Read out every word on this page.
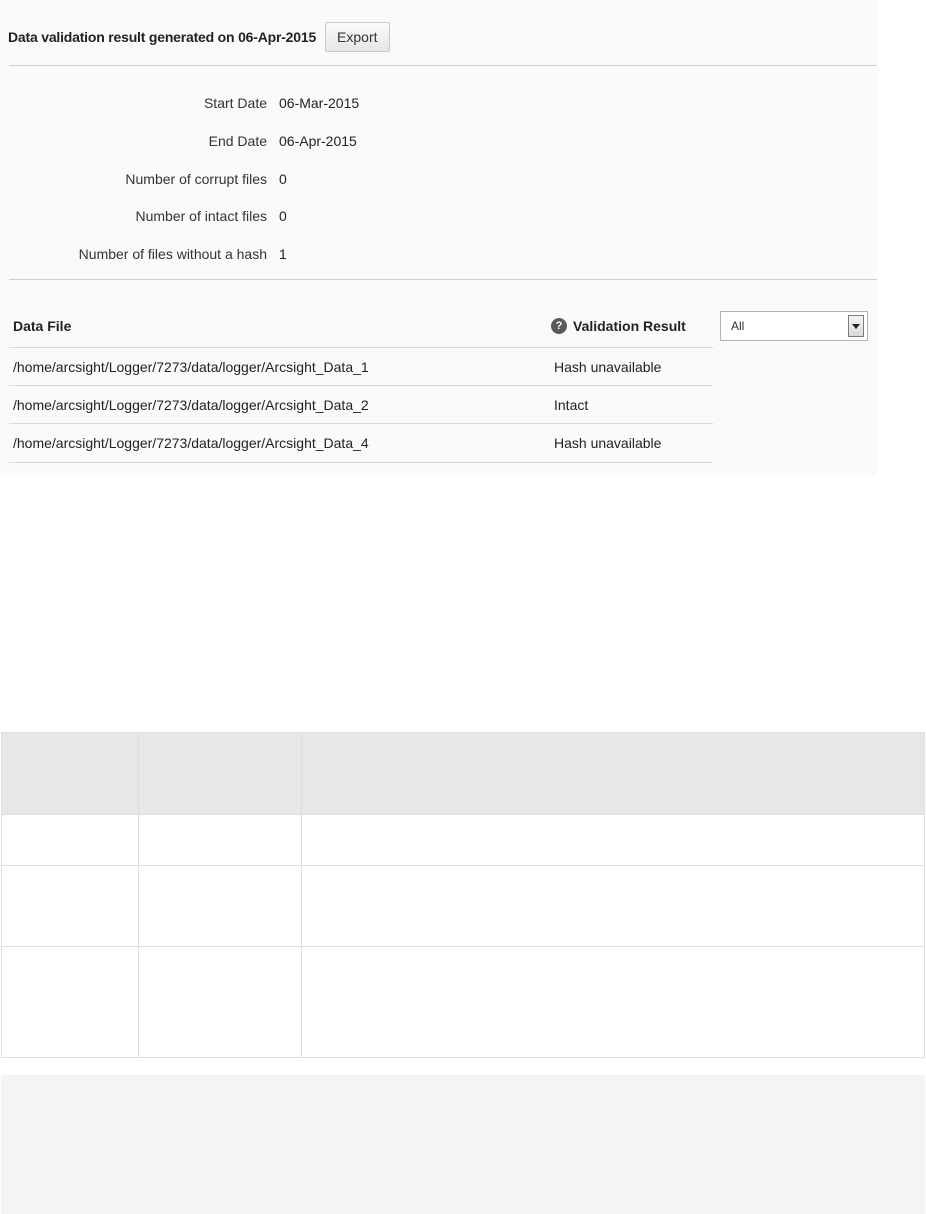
Data validation result generated on 06-Apr-2015	Export
Start Date 06-Mar-2015
End Date 06-Apr-2015
Number of corrupt files 0
Number of intact files 0
Number of files without a hash 1
Data File	? Validation Result	All
/home/arcsight/Logger/7273/data/logger/Arcsight_Data_1	Hash unavailable
/home/arcsight/Logger/7273/data/logger/Arcsight_Data_2	Intact
/home/arcsight/Logger/7273/data/logger/Arcsight_Data_4	Hash unavailable
